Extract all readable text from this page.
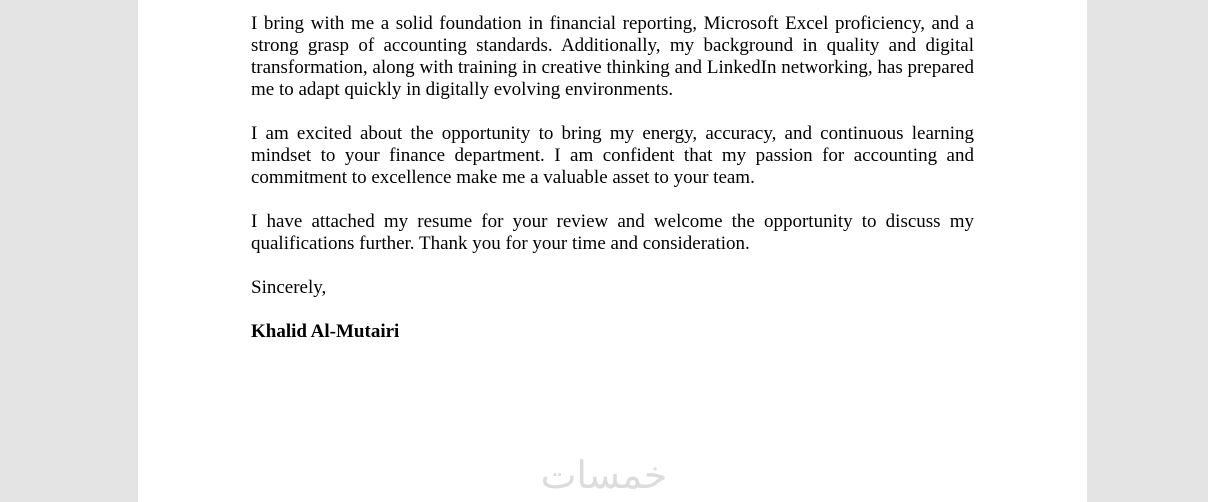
I bring with me a solid foundation in financial reporting, Microsoft Excel proficiency, and a strong grasp of accounting standards. Additionally, my background in quality and digital transformation, along with training in creative thinking and LinkedIn networking, has prepared me to adapt quickly in digitally evolving environments.

I am excited about the opportunity to bring my energy, accuracy, and continuous learning mindset to your finance department. I am confident that my passion for accounting and commitment to excellence make me a valuable asset to your team.

I have attached my resume for your review and welcome the opportunity to discuss my qualifications further. Thank you for your time and consideration.

Sincerely,

Khalid Al-Mutairi

خمسات
